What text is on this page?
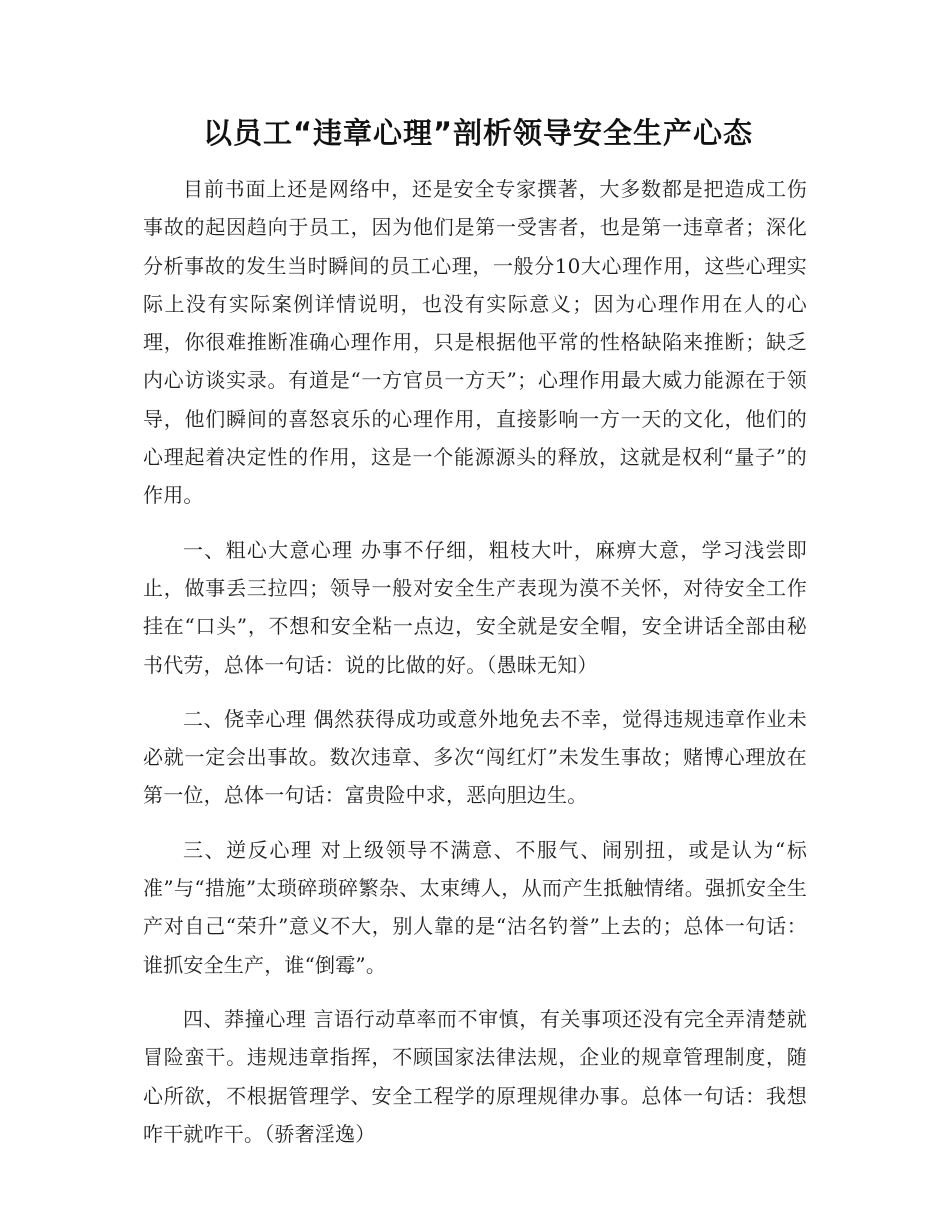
以员工“违章心理”剖析领导安全生产心态

目前书面上还是网络中，还是安全专家撰著，大多数都是把造成工伤事故的起因趋向于员工，因为他们是第一受害者，也是第一违章者；深化分析事故的发生当时瞬间的员工心理，一般分10大心理作用，这些心理实际上没有实际案例详情说明，也没有实际意义；因为心理作用在人的心理，你很难推断准确心理作用，只是根据他平常的性格缺陷来推断；缺乏内心访谈实录。有道是“一方官员一方天”；心理作用最大威力能源在于领导，他们瞬间的喜怒哀乐的心理作用，直接影响一方一天的文化，他们的心理起着决定性的作用，这是一个能源源头的释放，这就是权利“量子”的作用。

一、粗心大意心理 办事不仔细，粗枝大叶，麻痹大意，学习浅尝即止，做事丢三拉四；领导一般对安全生产表现为漠不关怀，对待安全工作挂在“口头”，不想和安全粘一点边，安全就是安全帽，安全讲话全部由秘书代劳，总体一句话：说的比做的好。（愚昧无知）

二、侥幸心理 偶然获得成功或意外地免去不幸，觉得违规违章作业未必就一定会出事故。数次违章、多次“闯红灯”未发生事故；赌博心理放在第一位，总体一句话：富贵险中求，恶向胆边生。

三、逆反心理 对上级领导不满意、不服气、闹别扭，或是认为“标准”与“措施”太琐碎琐碎繁杂、太束缚人，从而产生抵触情绪。强抓安全生产对自己“荣升”意义不大，别人靠的是“沽名钓誉”上去的；总体一句话：谁抓安全生产，谁“倒霉”。

四、莽撞心理 言语行动草率而不审慎，有关事项还没有完全弄清楚就冒险蛮干。违规违章指挥，不顾国家法律法规，企业的规章管理制度，随心所欲，不根据管理学、安全工程学的原理规律办事。总体一句话：我想咋干就咋干。（骄奢淫逸）
